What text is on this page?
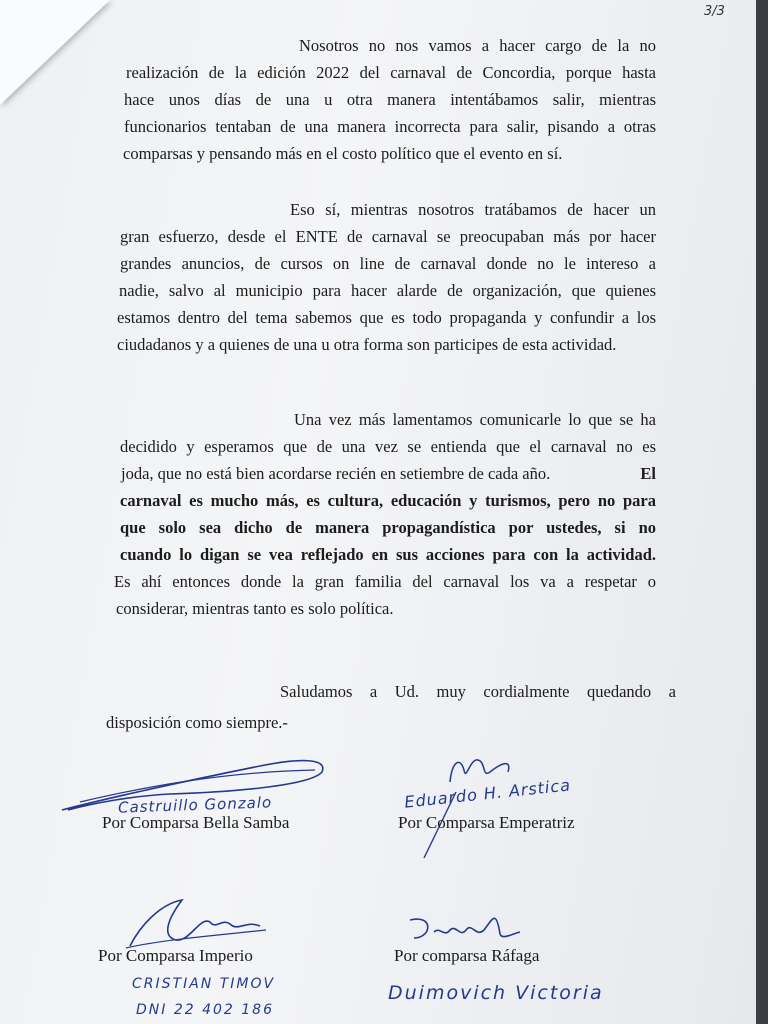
3/3
Nosotros no nos vamos a hacer cargo de la no
realización de la edición 2022 del carnaval de Concordia, porque hasta
hace unos días de una u otra manera intentábamos salir, mientras
funcionarios tentaban de una manera incorrecta para salir, pisando a otras
comparsas y pensando más en el costo político que el evento en sí.
Eso sí, mientras nosotros tratábamos de hacer un
gran esfuerzo, desde el ENTE de carnaval se preocupaban más por hacer
grandes anuncios, de cursos on line de carnaval donde no le intereso a
nadie, salvo al municipio para hacer alarde de organización, que quienes
estamos dentro del tema sabemos que es todo propaganda y confundir a los
ciudadanos y a quienes de una u otra forma son participes de esta actividad.
Una vez más lamentamos comunicarle lo que se ha
decidido y esperamos que de una vez se entienda que el carnaval no es
joda, que no está bien acordarse recién en setiembre de cada año.	El
carnaval es mucho más, es cultura, educación y turismos, pero no para
que solo sea dicho de manera propagandística por ustedes, si no
cuando lo digan se vea reflejado en sus acciones para con la actividad.
Es ahí entonces donde la gran familia del carnaval los va a respetar o
considerar, mientras tanto es solo política.
Saludamos a Ud. muy cordialmente quedando a
disposición como siempre.-
Castruillo Gonzalo
Por Comparsa Bella Samba
Eduardo H. Arstica
Por Comparsa Emperatriz
Por Comparsa Imperio
CRISTIAN TIMOV
DNI 22 402 186
Por comparsa Ráfaga
Duimovich Victoria
